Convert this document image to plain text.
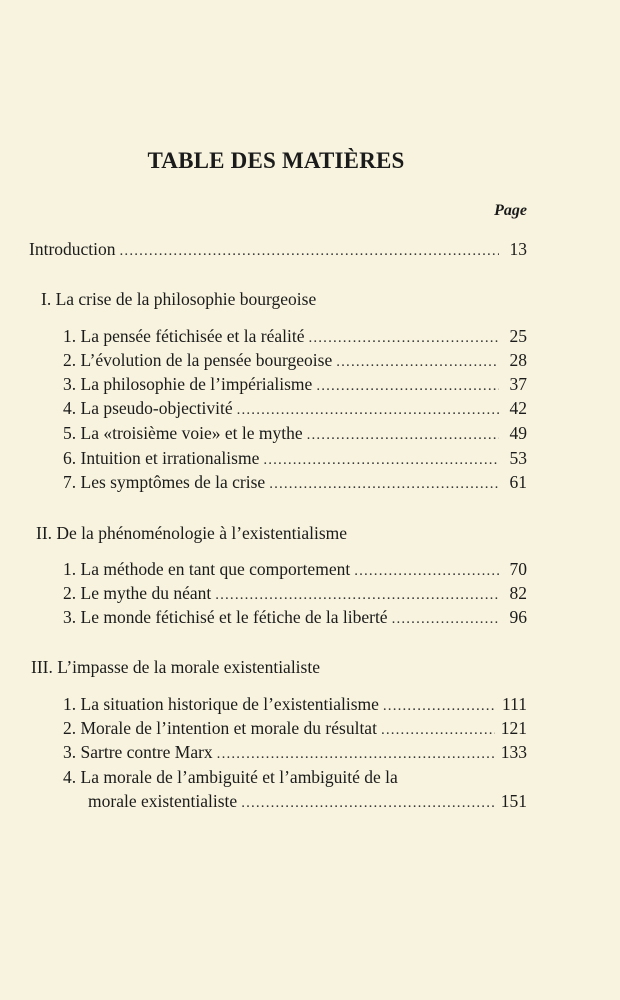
TABLE DES MATIÈRES
Page
Introduction . . .	13
I. La crise de la philosophie bourgeoise
1. La pensée fétichisée et la réalité . . .	25
2. L’évolution de la pensée bourgeoise . . .	28
3. La philosophie de l’impérialisme . . .	37
4. La pseudo-objectivité . . .	42
5. La «troisième voie» et le mythe . . .	49
6. Intuition et irrationalisme . . .	53
7. Les symptômes de la crise . . .	61
II. De la phénoménologie à l’existentialisme
1. La méthode en tant que comportement . . .	70
2. Le mythe du néant . . .	82
3. Le monde fétichisé et le fétiche de la liberté . . .	96
III. L’impasse de la morale existentialiste
1. La situation historique de l’existentialisme . . .	111
2. Morale de l’intention et morale du résultat . . .	121
3. Sartre contre Marx . . .	133
4. La morale de l’ambiguité et l’ambiguité de la
morale existentialiste . . .	151
